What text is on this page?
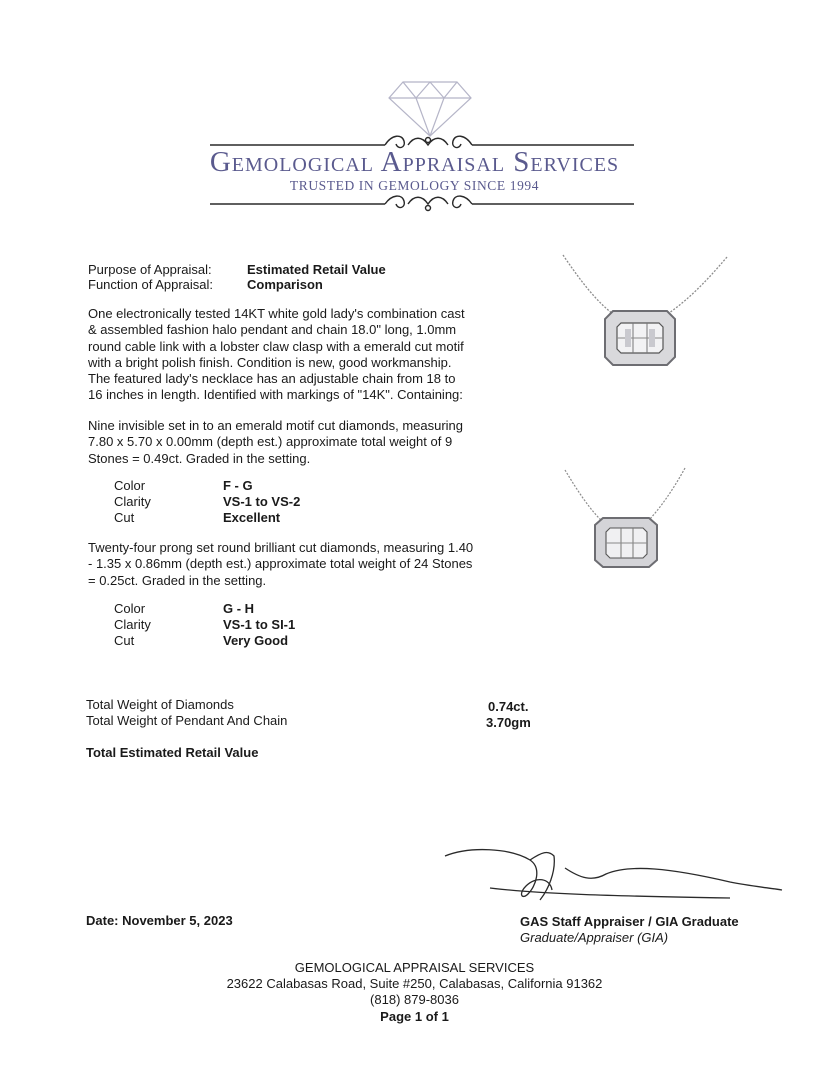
Gemological Appraisal Services
TRUSTED IN GEMOLOGY SINCE 1994
Purpose of Appraisal:	Estimated Retail Value
Function of Appraisal:	Comparison
One electronically tested 14KT white gold lady's combination cast
& assembled fashion halo pendant and chain 18.0" long, 1.0mm
round cable link with a lobster claw clasp with a emerald cut motif
with a bright polish finish. Condition is new, good workmanship.
The featured lady's necklace has an adjustable chain from 18 to
16 inches in length. Identified with markings of "14K". Containing:
Nine invisible set in to an emerald motif cut diamonds, measuring
7.80 x 5.70 x 0.00mm (depth est.) approximate total weight of 9
Stones = 0.49ct. Graded in the setting.
Color	F - G
Clarity	VS-1 to VS-2
Cut	Excellent
Twenty-four prong set round brilliant cut diamonds, measuring 1.40
- 1.35 x 0.86mm (depth est.) approximate total weight of 24 Stones
= 0.25ct. Graded in the setting.
Color	G - H
Clarity	VS-1 to SI-1
Cut	Very Good
Total Weight of Diamonds	0.74ct.
Total Weight of Pendant And Chain	3.70gm
Total Estimated Retail Value
Date: November 5, 2023	GAS Staff Appraiser / GIA Graduate
Graduate/Appraiser (GIA)
GEMOLOGICAL APPRAISAL SERVICES
23622 Calabasas Road, Suite #250, Calabasas, California 91362
(818) 879-8036
Page 1 of 1
